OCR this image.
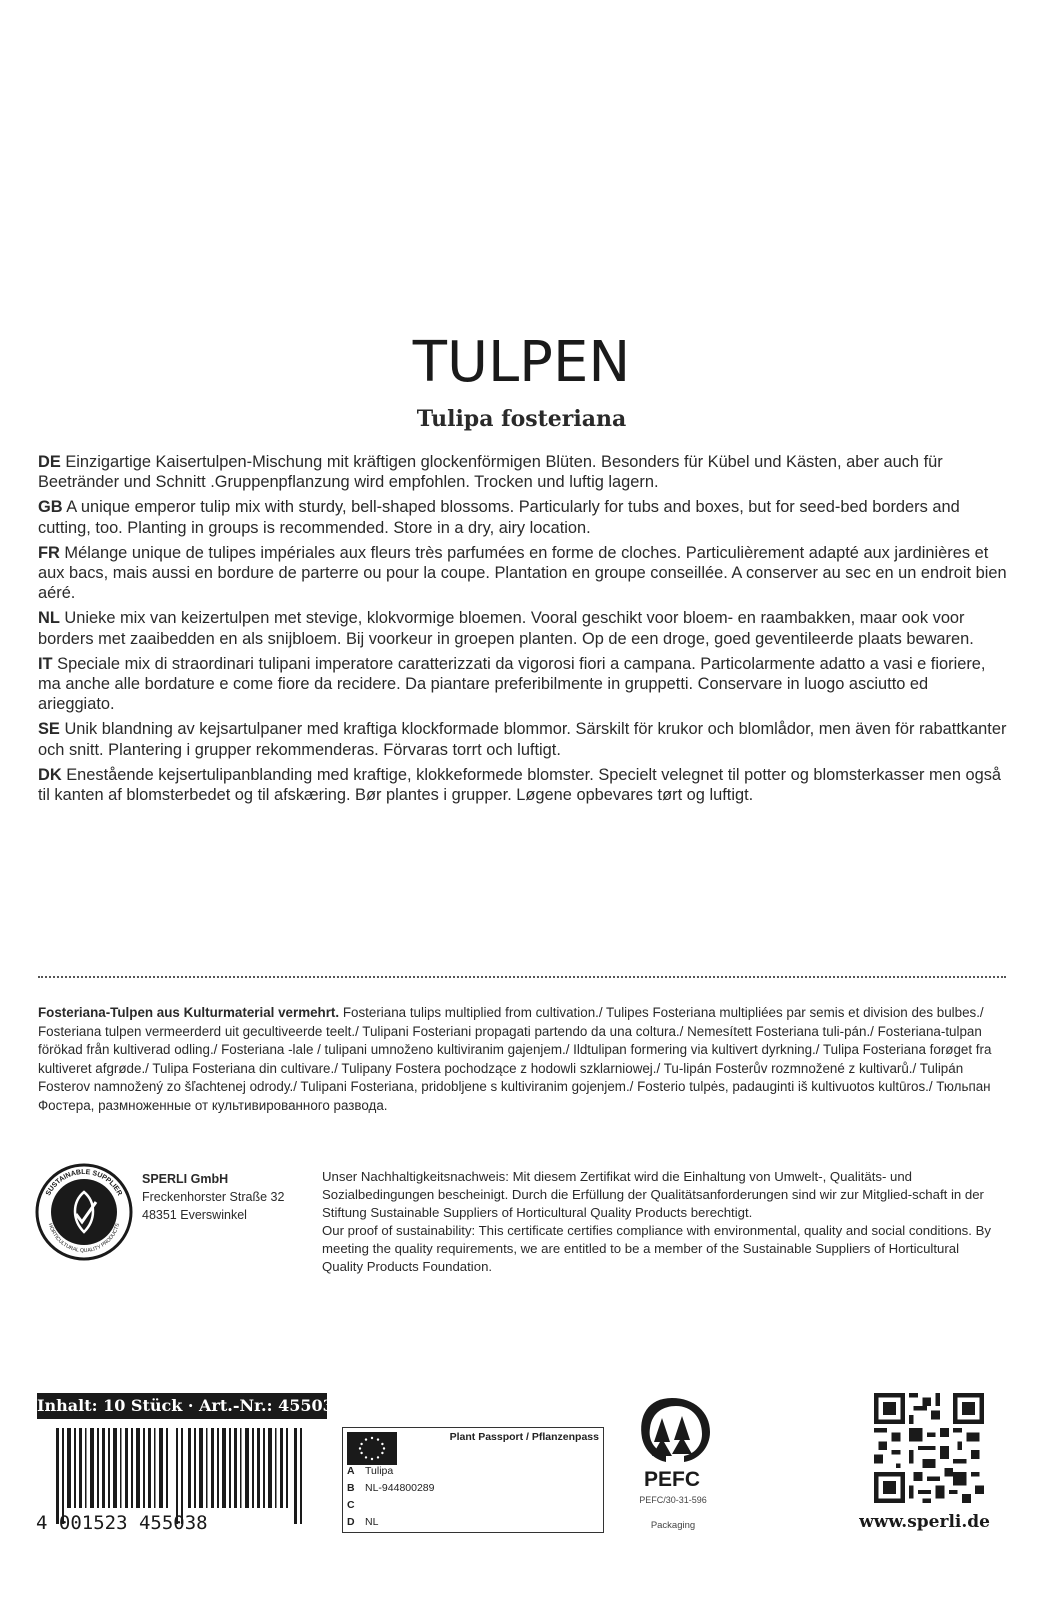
TULPEN
Tulipa fosteriana

DE Einzigartige Kaisertulpen-Mischung mit kräftigen glockenförmigen Blüten. Besonders für Kübel und Kästen, aber auch für Beetränder und Schnitt .Gruppenpflanzung wird empfohlen. Trocken und luftig lagern.

GB A unique emperor tulip mix with sturdy, bell-shaped blossoms. Particularly for tubs and boxes, but for seed-bed borders and cutting, too. Planting in groups is recommended. Store in a dry, airy location.

FR Mélange unique de tulipes impériales aux fleurs très parfumées en forme de cloches. Particulièrement adapté aux jardinières et aux bacs, mais aussi en bordure de parterre ou pour la coupe. Plantation en groupe conseillée. A conserver au sec en un endroit bien aéré.

NL Unieke mix van keizertulpen met stevige, klokvormige bloemen. Vooral geschikt voor bloem- en raambakken, maar ook voor borders met zaaibedden en als snijbloem. Bij voorkeur in groepen planten. Op de een droge, goed geventileerde plaats bewaren.

IT Speciale mix di straordinari tulipani imperatore caratterizzati da vigorosi fiori a campana. Particolarmente adatto a vasi e fioriere, ma anche alle bordature e come fiore da recidere. Da piantare preferibilmente in gruppetti. Conservare in luogo asciutto ed arieggiato.

SE Unik blandning av kejsartulpaner med kraftiga klockformade blommor. Särskilt för krukor och blomlådor, men även för rabattkanter och snitt. Plantering i grupper rekommenderas. Förvaras torrt och luftigt.

DK Enestående kejsertulipanblanding med kraftige, klokkeformede blomster. Specielt velegnet til potter og blomsterkasser men også til kanten af blomsterbedet og til afskæring. Bør plantes i grupper. Løgene opbevares tørt og luftigt.

Fosteriana-Tulpen aus Kulturmaterial vermehrt. Fosteriana tulips multiplied from cultivation./ Tulipes Fosteriana multipliées par semis et division des bulbes./ Fosteriana tulpen vermeerderd uit gecultiveerde teelt./ Tulipani Fosteriani propagati partendo da una coltura./ Nemesített Fosteriana tuli-pán./ Fosteriana-tulpan förökad från kultiverad odling./ Fosteriana -lale / tulipani umnoženo kultiviranim gajenjem./ Ildtulipan formering via kultivert dyrkning./ Tulipa Fosteriana forøget fra kultiveret afgrøde./ Tulipa Fosteriana din cultivare./ Tulipany Fostera pochodzące z hodowli szklarniowej./ Tu-lipán Fosterův rozmnožené z kultivarů./ Tulipán Fosterov namnožený zo šľachtenej odrody./ Tulipani Fosteriana, pridobljene s kultiviranim gojenjem./ Fosterio tulpės, padauginti iš kultivuotos kultūros./ Тюльпан Фостера, размноженные от культивированного развода.
SUSTAINABLE SUPPLIER
HORTICULTURAL QUALITY PRODUCTS
SPERLI GmbH
Freckenhorster Straße 32
48351 Everswinkel
Unser Nachhaltigkeitsnachweis: Mit diesem Zertifikat wird die Einhaltung von Umwelt-, Qualitäts- und Sozialbedingungen bescheinigt. Durch die Erfüllung der Qualitätsanforderungen sind wir zur Mitglied-schaft in der Stiftung Sustainable Suppliers of Horticultural Quality Products berechtigt.
Our proof of sustainability: This certificate certifies compliance with environmental, quality and social conditions. By meeting the quality requirements, we are entitled to be a member of the Sustainable Suppliers of Horticultural Quality Products Foundation.
Inhalt: 10 Stück · Art.-Nr.: 455038
4 001523 455038
Plant Passport / Pflanzenpass
A Tulipa
B NL-944800289
C
D NL
PEFC
PEFC/30-31-596
Packaging	www.sperli.de
